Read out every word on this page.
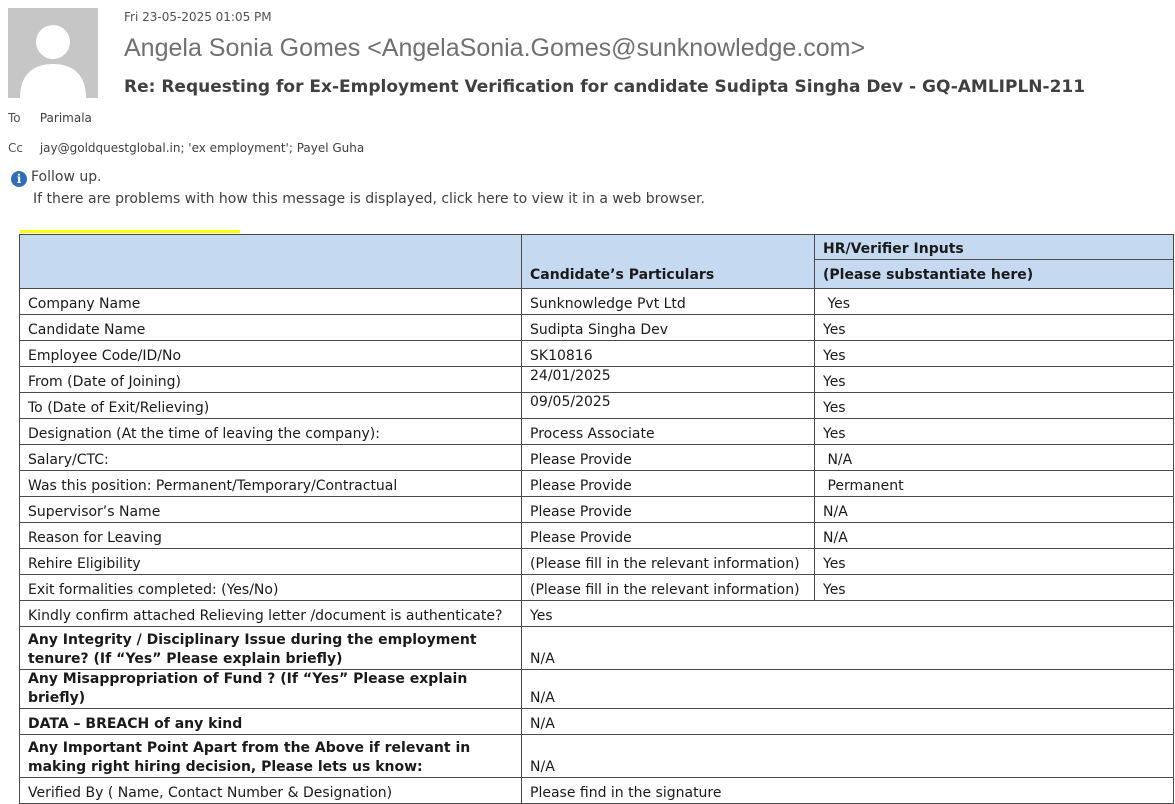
Fri 23-05-2025 01:05 PM
Angela Sonia Gomes <AngelaSonia.Gomes@sunknowledge.com>
Re: Requesting for Ex-Employment Verification for candidate Sudipta Singha Dev - GQ-AMLIPLN-211
To Parimala
Cc jay@goldquestglobal.in; 'ex employment'; Payel Guha
i Follow up.
If there are problems with how this message is displayed, click here to view it in a web browser.
	Candidate’s Particulars	HR/Verifier Inputs
		(Please substantiate here)
Company Name	Sunknowledge Pvt Ltd	Yes
Candidate Name	Sudipta Singha Dev	Yes
Employee Code/ID/No	SK10816	Yes
From (Date of Joining)	24/01/2025	Yes
To (Date of Exit/Relieving)	09/05/2025	Yes
Designation (At the time of leaving the company):	Process Associate	Yes
Salary/CTC:	Please Provide	N/A
Was this position: Permanent/Temporary/Contractual	Please Provide	Permanent
Supervisor’s Name	Please Provide	N/A
Reason for Leaving	Please Provide	N/A
Rehire Eligibility	(Please fill in the relevant information)	Yes
Exit formalities completed: (Yes/No)	(Please fill in the relevant information)	Yes
Kindly confirm attached Relieving letter /document is authenticate?	Yes	
Any Integrity / Disciplinary Issue during the employment tenure? (If “Yes” Please explain briefly)	N/A	
Any Misappropriation of Fund ? (If “Yes” Please explain briefly)	N/A	
DATA – BREACH of any kind	N/A	
Any Important Point Apart from the Above if relevant in making right hiring decision, Please lets us know:	N/A	
Verified By ( Name, Contact Number & Designation)	Please find in the signature	
